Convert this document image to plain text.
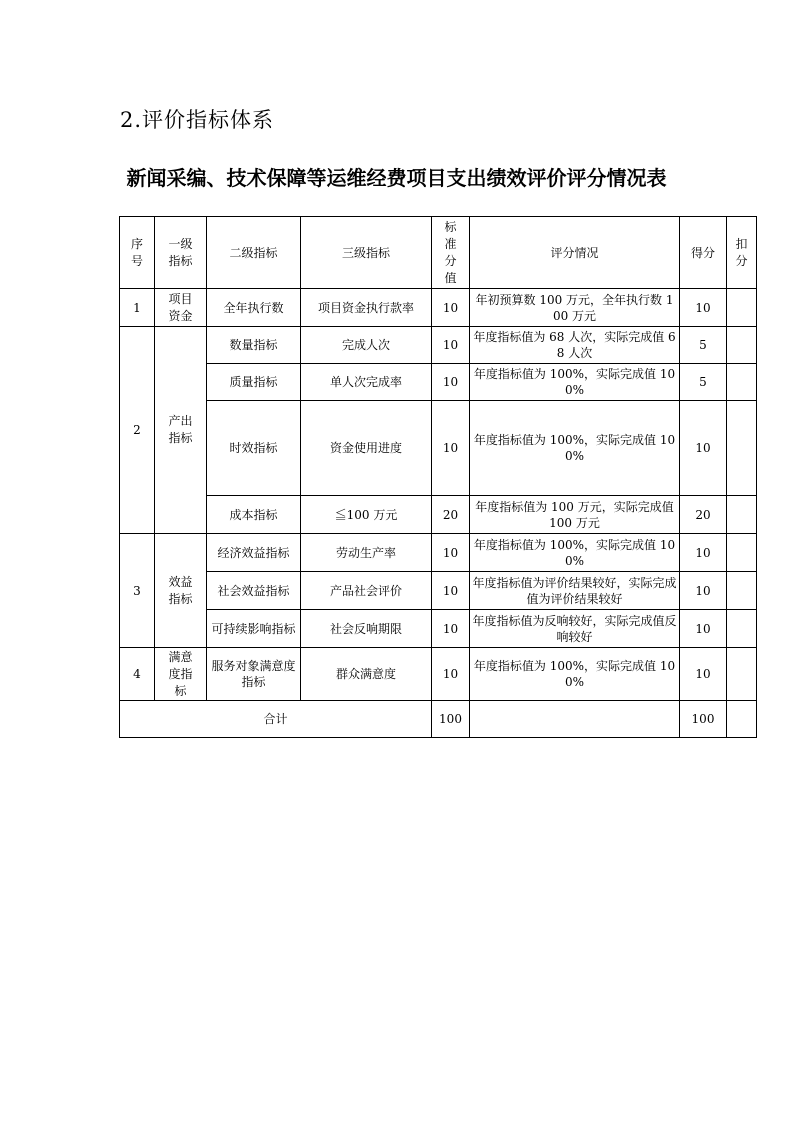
2.评价指标体系
新闻采编、技术保障等运维经费项目支出绩效评价评分情况表
序号	一级指标	二级指标	三级指标	标准分值	评分情况	得分	扣分
1	项目资金	全年执行数	项目资金执行款率	10	年初预算数 100 万元，全年执行数 100 万元	10	
2	产出指标	数量指标	完成人次	10	年度指标值为 68 人次，实际完成值 68 人次	5	
		质量指标	单人次完成率	10	年度指标值为 100%，实际完成值 100%	5	
		时效指标	资金使用进度	10	年度指标值为 100%，实际完成值 100%	10	
		成本指标	≦100 万元	20	年度指标值为 100 万元，实际完成值 100 万元	20	
3	效益指标	经济效益指标	劳动生产率	10	年度指标值为 100%，实际完成值 100%	10	
		社会效益指标	产品社会评价	10	年度指标值为评价结果较好，实际完成值为评价结果较好	10	
		可持续影响指标	社会反响期限	10	年度指标值为反响较好，实际完成值反响较好	10	
4	满意度指标	服务对象满意度指标	群众满意度	10	年度指标值为 100%，实际完成值 100%	10	
合计				100		100	
